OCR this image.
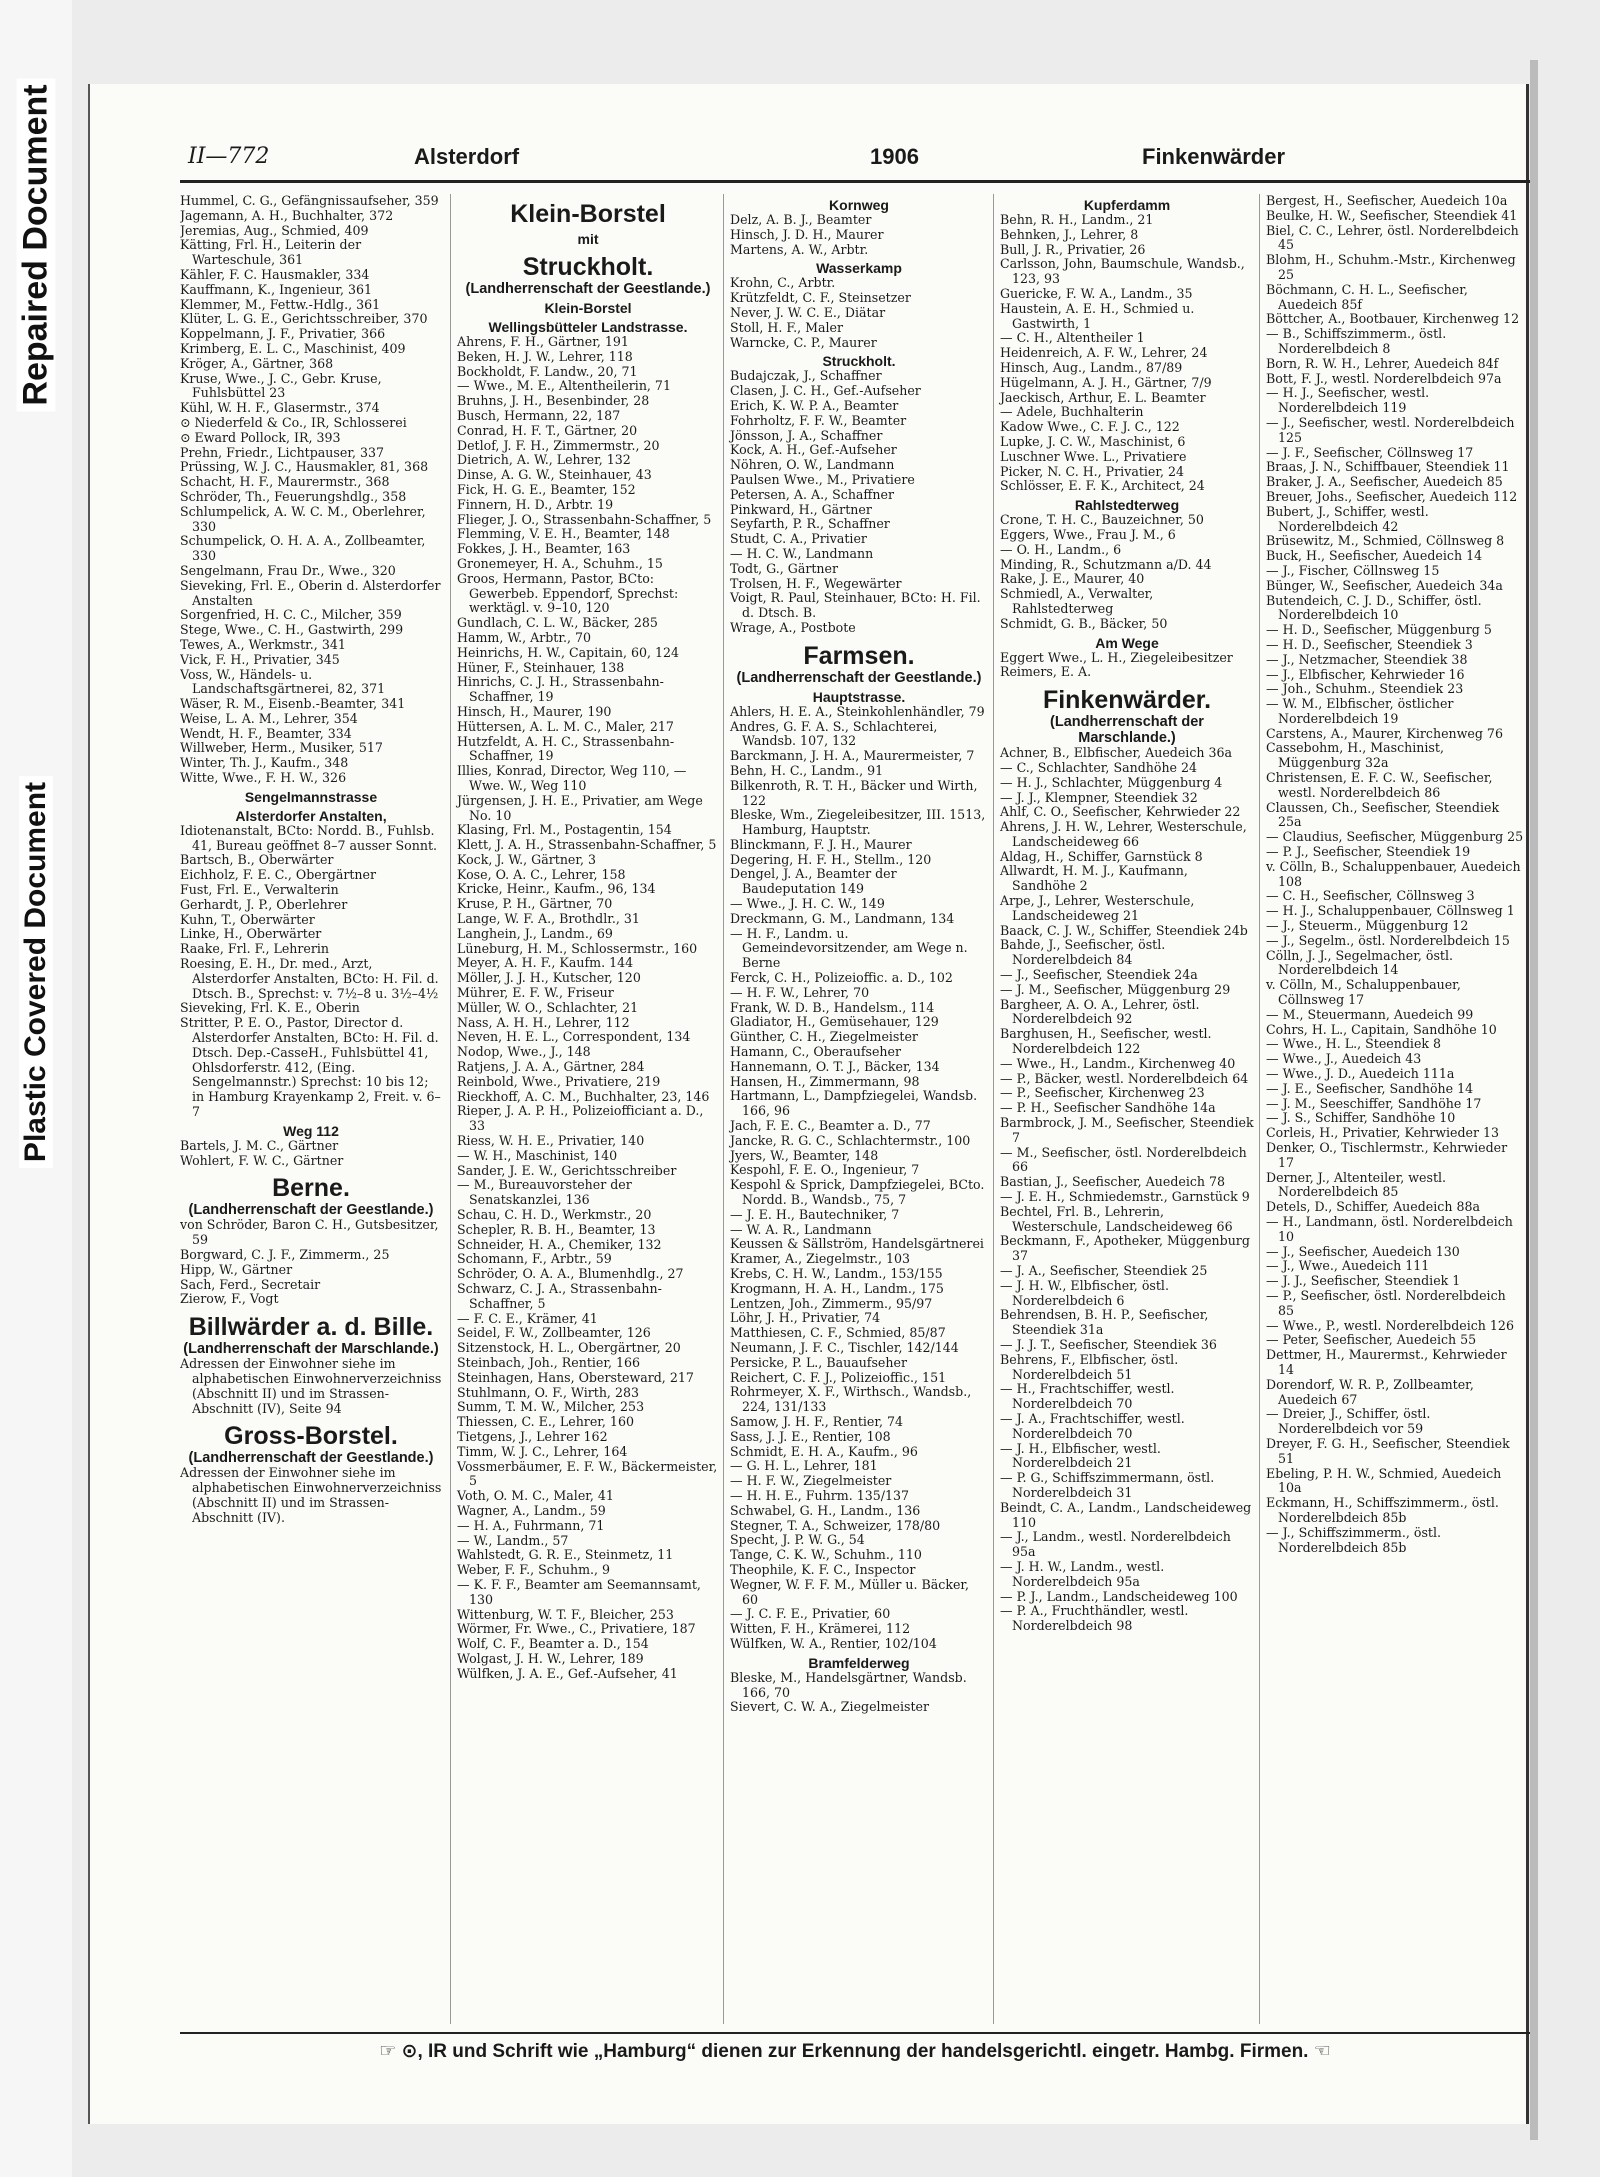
Repaired Document
Plastic Covered Document
II—772	Alsterdorf	1906	Finkenwärder
Hummel, C. G., Gefängnissaufseher, 359
Jagemann, A. H., Buchhalter, 372
Jeremias, Aug., Schmied, 409
Kätting, Frl. H., Leiterin der Warteschule, 361
Kähler, F. C. Hausmakler, 334
Kauffmann, K., Ingenieur, 361
Klemmer, M., Fettw.-Hdlg., 361
Klüter, L. G. E., Gerichtsschreiber, 370
Koppelmann, J. F., Privatier, 366
Krimberg, E. L. C., Maschinist, 409
Kröger, A., Gärtner, 368
Kruse, Wwe., J. C., Gebr. Kruse, Fuhlsbüttel 23
Kühl, W. H. F., Glasermstr., 374
⊙ Niederfeld & Co., IR, Schlosserei
⊙ Eward Pollock, IR, 393
Prehn, Friedr., Lichtpauser, 337
Prüssing, W. J. C., Hausmakler, 81, 368
Schacht, H. F., Maurermstr., 368
Schröder, Th., Feuerungshdlg., 358
Schlumpelick, A. W. C. M., Oberlehrer, 330
Schumpelick, O. H. A. A., Zollbeamter, 330
Sengelmann, Frau Dr., Wwe., 320
Sieveking, Frl. E., Oberin d. Alsterdorfer Anstalten
Sorgenfried, H. C. C., Milcher, 359
Stege, Wwe., C. H., Gastwirth, 299
Tewes, A., Werkmstr., 341
Vick, F. H., Privatier, 345
Voss, W., Händels- u. Landschaftsgärtnerei, 82, 371
Wäser, R. M., Eisenb.-Beamter, 341
Weise, L. A. M., Lehrer, 354
Wendt, H. F., Beamter, 334
Willweber, Herm., Musiker, 517
Winter, Th. J., Kaufm., 348
Witte, Wwe., F. H. W., 326
Sengelmannstrasse
Alsterdorfer Anstalten,
Idiotenanstalt, BCto: Nordd. B., Fuhlsb. 41, Bureau geöffnet 8–7 ausser Sonnt.
Bartsch, B., Oberwärter
Eichholz, F. E. C., Obergärtner
Fust, Frl. E., Verwalterin
Gerhardt, J. P., Oberlehrer
Kuhn, T., Oberwärter
Linke, H., Oberwärter
Raake, Frl. F., Lehrerin
Roesing, E. H., Dr. med., Arzt, Alsterdorfer Anstalten, BCto: H. Fil. d. Dtsch. B., Sprechst: v. 7½–8 u. 3½–4½
Sieveking, Frl. K. E., Oberin
Stritter, P. E. O., Pastor, Director d. Alsterdorfer Anstalten, BCto: H. Fil. d. Dtsch. Dep.-CasseH., Fuhlsbüttel 41, Ohlsdorferstr. 412, (Eing. Sengelmannstr.) Sprechst: 10 bis 12; in Hamburg Krayenkamp 2, Freit. v. 6–7
Weg 112
Bartels, J. M. C., Gärtner
Wohlert, F. W. C., Gärtner
Berne.
(Landherrenschaft der Geestlande.)
von Schröder, Baron C. H., Gutsbesitzer, 59
Borgward, C. J. F., Zimmerm., 25
Hipp, W., Gärtner
Sach, Ferd., Secretair
Zierow, F., Vogt
Billwärder a. d. Bille.
(Landherrenschaft der Marschlande.)
Adressen der Einwohner siehe im alphabetischen Einwohnerverzeichniss (Abschnitt II) und im Strassen-Abschnitt (IV), Seite 94
Gross-Borstel.
(Landherrenschaft der Geestlande.)
Adressen der Einwohner siehe im alphabetischen Einwohnerverzeichniss (Abschnitt II) und im Strassen-Abschnitt (IV).
Klein-Borstel
mit
Struckholt.
(Landherrenschaft der Geestlande.)
Klein-Borstel
Wellingsbütteler Landstrasse.
Ahrens, F. H., Gärtner, 191
Beken, H. J. W., Lehrer, 118
Bockholdt, F. Landw., 20, 71
— Wwe., M. E., Altentheilerin, 71
Bruhns, J. H., Besenbinder, 28
Busch, Hermann, 22, 187
Conrad, H. F. T., Gärtner, 20
Detlof, J. F. H., Zimmermstr., 20
Dietrich, A. W., Lehrer, 132
Dinse, A. G. W., Steinhauer, 43
Fick, H. G. E., Beamter, 152
Finnern, H. D., Arbtr. 19
Flieger, J. O., Strassenbahn-Schaffner, 5
Flemming, V. E. H., Beamter, 148
Fokkes, J. H., Beamter, 163
Gronemeyer, H. A., Schuhm., 15
Groos, Hermann, Pastor, BCto: Gewerbeb. Eppendorf, Sprechst: werktägl. v. 9–10, 120
Gundlach, C. L. W., Bäcker, 285
Hamm, W., Arbtr., 70
Heinrichs, H. W., Capitain, 60, 124
Hüner, F., Steinhauer, 138
Hinrichs, C. J. H., Strassenbahn-Schaffner, 19
Hinsch, H., Maurer, 190
Hüttersen, A. L. M. C., Maler, 217
Hutzfeldt, A. H. C., Strassenbahn-Schaffner, 19
Illies, Konrad, Director, Weg 110, — Wwe. W., Weg 110
Jürgensen, J. H. E., Privatier, am Wege No. 10
Klasing, Frl. M., Postagentin, 154
Klett, J. A. H., Strassenbahn-Schaffner, 5
Kock, J. W., Gärtner, 3
Kose, O. A. C., Lehrer, 158
Kricke, Heinr., Kaufm., 96, 134
Kruse, P. H., Gärtner, 70
Lange, W. F. A., Brothdlr., 31
Langhein, J., Landm., 69
Lüneburg, H. M., Schlossermstr., 160
Meyer, A. H. F., Kaufm. 144
Möller, J. J. H., Kutscher, 120
Mührer, E. F. W., Friseur
Müller, W. O., Schlachter, 21
Nass, A. H. H., Lehrer, 112
Neven, H. E. L., Correspondent, 134
Nodop, Wwe., J., 148
Ratjens, J. A. A., Gärtner, 284
Reinbold, Wwe., Privatiere, 219
Rieckhoff, A. C. M., Buchhalter, 23, 146
Rieper, J. A. P. H., Polizeiofficiant a. D., 33
Riess, W. H. E., Privatier, 140
— W. H., Maschinist, 140
Sander, J. E. W., Gerichtsschreiber
— M., Bureauvorsteher der Senatskanzlei, 136
Schau, C. H. D., Werkmstr., 20
Schepler, R. B. H., Beamter, 13
Schneider, H. A., Chemiker, 132
Schomann, F., Arbtr., 59
Schröder, O. A. A., Blumenhdlg., 27
Schwarz, C. J. A., Strassenbahn-Schaffner, 5
— F. C. E., Krämer, 41
Seidel, F. W., Zollbeamter, 126
Sitzenstock, H. L., Obergärtner, 20
Steinbach, Joh., Rentier, 166
Steinhagen, Hans, Obersteward, 217
Stuhlmann, O. F., Wirth, 283
Summ, T. M. W., Milcher, 253
Thiessen, C. E., Lehrer, 160
Tietgens, J., Lehrer 162
Timm, W. J. C., Lehrer, 164
Vossmerbäumer, E. F. W., Bäckermeister, 5
Voth, O. M. C., Maler, 41
Wagner, A., Landm., 59
— H. A., Fuhrmann, 71
— W., Landm., 57
Wahlstedt, G. R. E., Steinmetz, 11
Weber, F. F., Schuhm., 9
— K. F. F., Beamter am Seemannsamt, 130
Wittenburg, W. T. F., Bleicher, 253
Wörmer, Fr. Wwe., C., Privatiere, 187
Wolf, C. F., Beamter a. D., 154
Wolgast, J. H. W., Lehrer, 189
Wülfken, J. A. E., Gef.-Aufseher, 41
Kornweg
Delz, A. B. J., Beamter
Hinsch, J. D. H., Maurer
Martens, A. W., Arbtr.
Wasserkamp
Krohn, C., Arbtr.
Krützfeldt, C. F., Steinsetzer
Never, J. W. C. E., Diätar
Stoll, H. F., Maler
Warncke, C. P., Maurer
Struckholt.
Budajczak, J., Schaffner
Clasen, J. C. H., Gef.-Aufseher
Erich, K. W. P. A., Beamter
Fohrholtz, F. F. W., Beamter
Jönsson, J. A., Schaffner
Kock, A. H., Gef.-Aufseher
Nöhren, O. W., Landmann
Paulsen Wwe., M., Privatiere
Petersen, A. A., Schaffner
Pinkward, H., Gärtner
Seyfarth, P. R., Schaffner
Studt, C. A., Privatier
— H. C. W., Landmann
Todt, G., Gärtner
Trolsen, H. F., Wegewärter
Voigt, R. Paul, Steinhauer, BCto: H. Fil. d. Dtsch. B.
Wrage, A., Postbote
Farmsen.
(Landherrenschaft der Geestlande.)
Hauptstrasse.
Ahlers, H. E. A., Steinkohlenhändler, 79
Andres, G. F. A. S., Schlachterei, Wandsb. 107, 132
Barckmann, J. H. A., Maurermeister, 7
Behn, H. C., Landm., 91
Bilkenroth, R. T. H., Bäcker und Wirth, 122
Bleske, Wm., Ziegeleibesitzer, III. 1513, Hamburg, Hauptstr.
Blinckmann, F. J. H., Maurer
Degering, H. F. H., Stellm., 120
Dengel, J. A., Beamter der Baudeputation 149
— Wwe., J. H. C. W., 149
Dreckmann, G. M., Landmann, 134
— H. F., Landm. u. Gemeindevorsitzender, am Wege n. Berne
Ferck, C. H., Polizeioffic. a. D., 102
— H. F. W., Lehrer, 70
Frank, W. D. B., Handelsm., 114
Gladiator, H., Gemüsehauer, 129
Günther, C. H., Ziegelmeister
Hamann, C., Oberaufseher
Hannemann, O. T. J., Bäcker, 134
Hansen, H., Zimmermann, 98
Hartmann, L., Dampfziegelei, Wandsb. 166, 96
Jach, F. E. C., Beamter a. D., 77
Jancke, R. G. C., Schlachtermstr., 100
Jyers, W., Beamter, 148
Kespohl, F. E. O., Ingenieur, 7
Kespohl & Sprick, Dampfziegelei, BCto. Nordd. B., Wandsb., 75, 7
— J. E. H., Bautechniker, 7
— W. A. R., Landmann
Keussen & Sällström, Handelsgärtnerei
Kramer, A., Ziegelmstr., 103
Krebs, C. H. W., Landm., 153/155
Krogmann, H. A. H., Landm., 175
Lentzen, Joh., Zimmerm., 95/97
Löhr, J. H., Privatier, 74
Matthiesen, C. F., Schmied, 85/87
Neumann, J. F. C., Tischler, 142/144
Persicke, P. L., Bauaufseher
Reichert, C. F. J., Polizeioffic., 151
Rohrmeyer, X. F., Wirthsch., Wandsb., 224, 131/133
Samow, J. H. F., Rentier, 74
Sass, J. J. E., Rentier, 108
Schmidt, E. H. A., Kaufm., 96
— G. H. L., Lehrer, 181
— H. F. W., Ziegelmeister
— H. H. E., Fuhrm. 135/137
Schwabel, G. H., Landm., 136
Stegner, T. A., Schweizer, 178/80
Specht, J. P. W. G., 54
Tange, C. K. W., Schuhm., 110
Theophile, K. F. C., Inspector
Wegner, W. F. F. M., Müller u. Bäcker, 60
— J. C. F. E., Privatier, 60
Witten, F. H., Krämerei, 112
Wülfken, W. A., Rentier, 102/104
Bramfelderweg
Bleske, M., Handelsgärtner, Wandsb. 166, 70
Sievert, C. W. A., Ziegelmeister
Kupferdamm
Behn, R. H., Landm., 21
Behnken, J., Lehrer, 8
Bull, J. R., Privatier, 26
Carlsson, John, Baumschule, Wandsb., 123, 93
Guericke, F. W. A., Landm., 35
Haustein, A. E. H., Schmied u. Gastwirth, 1
— C. H., Altentheiler 1
Heidenreich, A. F. W., Lehrer, 24
Hinsch, Aug., Landm., 87/89
Hügelmann, A. J. H., Gärtner, 7/9
Jaeckisch, Arthur, E. L. Beamter
— Adele, Buchhalterin
Kadow Wwe., C. F. J. C., 122
Lupke, J. C. W., Maschinist, 6
Luschner Wwe. L., Privatiere
Picker, N. C. H., Privatier, 24
Schlösser, E. F. K., Architect, 24
Rahlstedterweg
Crone, T. H. C., Bauzeichner, 50
Eggers, Wwe., Frau J. M., 6
— O. H., Landm., 6
Minding, R., Schutzmann a/D. 44
Rake, J. E., Maurer, 40
Schmiedl, A., Verwalter, Rahlstedterweg
Schmidt, G. B., Bäcker, 50
Am Wege
Eggert Wwe., L. H., Ziegeleibesitzer
Reimers, E. A.
Finkenwärder.
(Landherrenschaft der Marschlande.)
Achner, B., Elbfischer, Auedeich 36a
— C., Schlachter, Sandhöhe 24
— H. J., Schlachter, Müggenburg 4
— J. J., Klempner, Steendiek 32
Ahlf, C. O., Seefischer, Kehrwieder 22
Ahrens, J. H. W., Lehrer, Westerschule, Landscheideweg 66
Aldag, H., Schiffer, Garnstück 8
Allwardt, H. M. J., Kaufmann, Sandhöhe 2
Arpe, J., Lehrer, Westerschule, Landscheideweg 21
Baack, C. J. W., Schiffer, Steendiek 24b
Bahde, J., Seefischer, östl. Norderelbdeich 84
— J., Seefischer, Steendiek 24a
— J. M., Seefischer, Müggenburg 29
Bargheer, A. O. A., Lehrer, östl. Norderelbdeich 92
Barghusen, H., Seefischer, westl. Norderelbdeich 122
— Wwe., H., Landm., Kirchenweg 40
— P., Bäcker, westl. Norderelbdeich 64
— P., Seefischer, Kirchenweg 23
— P. H., Seefischer Sandhöhe 14a
Barmbrock, J. M., Seefischer, Steendiek 7
— M., Seefischer, östl. Norderelbdeich 66
Bastian, J., Seefischer, Auedeich 78
— J. E. H., Schmiedemstr., Garnstück 9
Bechtel, Frl. B., Lehrerin, Westerschule, Landscheideweg 66
Beckmann, F., Apotheker, Müggenburg 37
— J. A., Seefischer, Steendiek 25
— J. H. W., Elbfischer, östl. Norderelbdeich 6
Behrendsen, B. H. P., Seefischer, Steendiek 31a
— J. J. T., Seefischer, Steendiek 36
Behrens, F., Elbfischer, östl. Norderelbdeich 51
— H., Frachtschiffer, westl. Norderelbdeich 70
— J. A., Frachtschiffer, westl. Norderelbdeich 70
— J. H., Elbfischer, westl. Norderelbdeich 21
— P. G., Schiffszimmermann, östl. Norderelbdeich 31
Beindt, C. A., Landm., Landscheideweg 110
— J., Landm., westl. Norderelbdeich 95a
— J. H. W., Landm., westl. Norderelbdeich 95a
— P. J., Landm., Landscheideweg 100
— P. A., Fruchthändler, westl. Norderelbdeich 98
Bergest, H., Seefischer, Auedeich 10a
Beulke, H. W., Seefischer, Steendiek 41
Biel, C. C., Lehrer, östl. Norderelbdeich 45
Blohm, H., Schuhm.-Mstr., Kirchenweg 25
Böchmann, C. H. L., Seefischer, Auedeich 85f
Böttcher, A., Bootbauer, Kirchenweg 12
— B., Schiffszimmerm., östl. Norderelbdeich 8
Born, R. W. H., Lehrer, Auedeich 84f
Bott, F. J., westl. Norderelbdeich 97a
— H. J., Seefischer, westl. Norderelbdeich 119
— J., Seefischer, westl. Norderelbdeich 125
— J. F., Seefischer, Cöllnsweg 17
Braas, J. N., Schiffbauer, Steendiek 11
Braker, J. A., Seefischer, Auedeich 85
Breuer, Johs., Seefischer, Auedeich 112
Bubert, J., Schiffer, westl. Norderelbdeich 42
Brüsewitz, M., Schmied, Cöllnsweg 8
Buck, H., Seefischer, Auedeich 14
— J., Fischer, Cöllnsweg 15
Bünger, W., Seefischer, Auedeich 34a
Butendeich, C. J. D., Schiffer, östl. Norderelbdeich 10
— H. D., Seefischer, Müggenburg 5
— H. D., Seefischer, Steendiek 3
— J., Netzmacher, Steendiek 38
— J., Elbfischer, Kehrwieder 16
— Joh., Schuhm., Steendiek 23
— W. M., Elbfischer, östlicher Norderelbdeich 19
Carstens, A., Maurer, Kirchenweg 76
Cassebohm, H., Maschinist, Müggenburg 32a
Christensen, E. F. C. W., Seefischer, westl. Norderelbdeich 86
Claussen, Ch., Seefischer, Steendiek 25a
— Claudius, Seefischer, Müggenburg 25
— P. J., Seefischer, Steendiek 19
v. Cölln, B., Schaluppenbauer, Auedeich 108
— C. H., Seefischer, Cöllnsweg 3
— H. J., Schaluppenbauer, Cöllnsweg 1
— J., Steuerm., Müggenburg 12
— J., Segelm., östl. Norderelbdeich 15
Cölln, J. J., Segelmacher, östl. Norderelbdeich 14
v. Cölln, M., Schaluppenbauer, Cöllnsweg 17
— M., Steuermann, Auedeich 99
Cohrs, H. L., Capitain, Sandhöhe 10
— Wwe., H. L., Steendiek 8
— Wwe., J., Auedeich 43
— Wwe., J. D., Auedeich 111a
— J. E., Seefischer, Sandhöhe 14
— J. M., Seeschiffer, Sandhöhe 17
— J. S., Schiffer, Sandhöhe 10
Corleis, H., Privatier, Kehrwieder 13
Denker, O., Tischlermstr., Kehrwieder 17
Derner, J., Altenteiler, westl. Norderelbdeich 85
Detels, D., Schiffer, Auedeich 88a
— H., Landmann, östl. Norderelbdeich 10
— J., Seefischer, Auedeich 130
— J., Wwe., Auedeich 111
— J. J., Seefischer, Steendiek 1
— P., Seefischer, östl. Norderelbdeich 85
— Wwe., P., westl. Norderelbdeich 126
— Peter, Seefischer, Auedeich 55
Dettmer, H., Maurermst., Kehrwieder 14
Dorendorf, W. R. P., Zollbeamter, Auedeich 67
— Dreier, J., Schiffer, östl. Norderelbdeich vor 59
Dreyer, F. G. H., Seefischer, Steendiek 51
Ebeling, P. H. W., Schmied, Auedeich 10a
Eckmann, H., Schiffszimmerm., östl. Norderelbdeich 85b
— J., Schiffszimmerm., östl. Norderelbdeich 85b
☞ ⊙, IR und Schrift wie „Hamburg“ dienen zur Erkennung der handelsgerichtl. eingetr. Hambg. Firmen. ☜
